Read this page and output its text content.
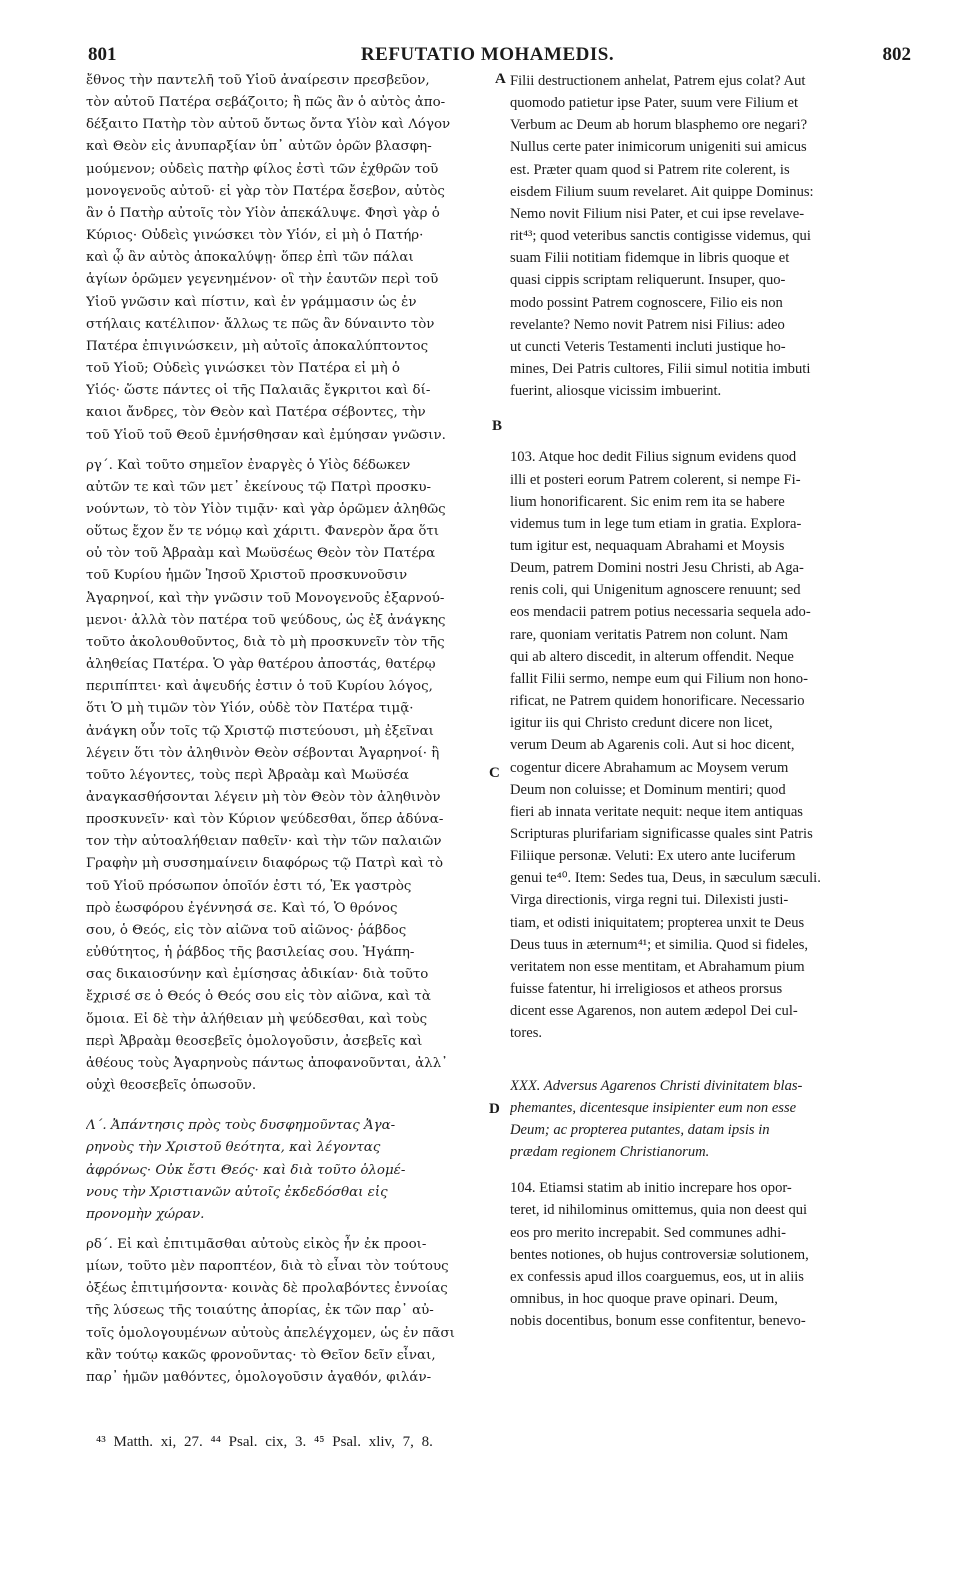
801	REFUTATIO MOHAMEDIS.	802
A
B
C
D
ἔθνος τὴν παντελῆ τοῦ Υἱοῦ ἀναίρεσιν πρεσβεῦον,
τὸν αὐτοῦ Πατέρα σεβάζοιτο; ἢ πῶς ἂν ὁ αὐτὸς ἀπο-
δέξαιτο Πατὴρ τὸν αὐτοῦ ὄντως ὄντα Υἱὸν καὶ Λόγον
καὶ Θεὸν εἰς ἀνυπαρξίαν ὑπ᾽ αὐτῶν ὁρῶν βλασφη-
μούμενον; οὐδεὶς πατὴρ φίλος ἐστὶ τῶν ἐχθρῶν τοῦ
μονογενοῦς αὐτοῦ· εἰ γὰρ τὸν Πατέρα ἔσεβον, αὐτὸς
ἂν ὁ Πατὴρ αὐτοῖς τὸν Υἱὸν ἀπεκάλυψε. Φησὶ γὰρ ὁ
Κύριος· Οὐδεὶς γινώσκει τὸν Υἱόν, εἰ μὴ ὁ Πατήρ·
καὶ ᾧ ἂν αὐτὸς ἀποκαλύψῃ· ὅπερ ἐπὶ τῶν πάλαι
ἁγίων ὁρῶμεν γεγενημένον· οἳ τὴν ἑαυτῶν περὶ τοῦ
Υἱοῦ γνῶσιν καὶ πίστιν, καὶ ἐν γράμμασιν ὡς ἐν
στήλαις κατέλιπον· ἄλλως τε πῶς ἂν δύναιντο τὸν
Πατέρα ἐπιγινώσκειν, μὴ αὐτοῖς ἀποκαλύπτοντος
τοῦ Υἱοῦ; Οὐδεὶς γινώσκει τὸν Πατέρα εἰ μὴ ὁ
Υἱός· ὥστε πάντες οἱ τῆς Παλαιᾶς ἔγκριτοι καὶ δί-
καιοι ἄνδρες, τὸν Θεὸν καὶ Πατέρα σέβοντες, τὴν
τοῦ Υἱοῦ τοῦ Θεοῦ ἐμνήσθησαν καὶ ἐμύησαν γνῶσιν.
ργ΄. Καὶ τοῦτο σημεῖον ἐναργὲς ὁ Υἱὸς δέδωκεν
αὐτῶν τε καὶ τῶν μετ᾽ ἐκείνους τῷ Πατρὶ προσκυ-
νούντων, τὸ τὸν Υἱὸν τιμᾷν· καὶ γὰρ ὁρῶμεν ἀληθῶς
οὕτως ἔχον ἔν τε νόμῳ καὶ χάριτι. Φανερὸν ἄρα ὅτι
οὐ τὸν τοῦ Ἀβραὰμ καὶ Μωϋσέως Θεὸν τὸν Πατέρα
τοῦ Κυρίου ἡμῶν Ἰησοῦ Χριστοῦ προσκυνοῦσιν
Ἀγαρηνοί, καὶ τὴν γνῶσιν τοῦ Μονογενοῦς ἐξαρνού-
μενοι· ἀλλὰ τὸν πατέρα τοῦ ψεύδους, ὡς ἐξ ἀνάγκης
τοῦτο ἀκολουθοῦντος, διὰ τὸ μὴ προσκυνεῖν τὸν τῆς
ἀληθείας Πατέρα. Ὁ γὰρ θατέρου ἀποστάς, θατέρῳ
περιπίπτει· καὶ ἀψευδής ἐστιν ὁ τοῦ Κυρίου λόγος,
ὅτι Ὁ μὴ τιμῶν τὸν Υἱόν, οὐδὲ τὸν Πατέρα τιμᾷ·
ἀνάγκη οὖν τοῖς τῷ Χριστῷ πιστεύουσι, μὴ ἐξεῖναι
λέγειν ὅτι τὸν ἀληθινὸν Θεὸν σέβονται Ἀγαρηνοί· ἢ
τοῦτο λέγοντες, τοὺς περὶ Ἀβραὰμ καὶ Μωϋσέα
ἀναγκασθήσονται λέγειν μὴ τὸν Θεὸν τὸν ἀληθινὸν
προσκυνεῖν· καὶ τὸν Κύριον ψεύδεσθαι, ὅπερ ἀδύνα-
τον τὴν αὐτοαλήθειαν παθεῖν· καὶ τὴν τῶν παλαιῶν
Γραφὴν μὴ συσσημαίνειν διαφόρως τῷ Πατρὶ καὶ τὸ
τοῦ Υἱοῦ πρόσωπον ὁποῖόν ἐστι τό, Ἐκ γαστρὸς
πρὸ ἑωσφόρου ἐγέννησά σε. Καὶ τό, Ὁ θρόνος
σου, ὁ Θεός, εἰς τὸν αἰῶνα τοῦ αἰῶνος· ῥάβδος
εὐθύτητος, ἡ ῥάβδος τῆς βασιλείας σου. Ἠγάπη-
σας δικαιοσύνην καὶ ἐμίσησας ἀδικίαν· διὰ τοῦτο
ἔχρισέ σε ὁ Θεός ὁ Θεός σου εἰς τὸν αἰῶνα, καὶ τὰ
ὅμοια. Εἰ δὲ τὴν ἀλήθειαν μὴ ψεύδεσθαι, καὶ τοὺς
περὶ Ἀβραὰμ θεοσεβεῖς ὁμολογοῦσιν, ἀσεβεῖς καὶ
ἀθέους τοὺς Ἀγαρηνοὺς πάντως ἀποφανοῦνται, ἀλλ᾽
οὐχὶ θεοσεβεῖς ὁπωσοῦν.
Λ΄. Ἀπάντησις πρὸς τοὺς δυσφημοῦντας Ἀγα-
ρηνοὺς τὴν Χριστοῦ θεότητα, καὶ λέγοντας
ἀφρόνως· Οὐκ ἔστι Θεός· καὶ διὰ τοῦτο ὁλομέ-
νους τὴν Χριστιανῶν αὐτοῖς ἐκδεδόσθαι εἰς
προνομὴν χώραν.
ρδ΄. Εἰ καὶ ἐπιτιμᾶσθαι αὐτοὺς εἰκὸς ἦν ἐκ προοι-
μίων, τοῦτο μὲν παροπτέον, διὰ τὸ εἶναι τὸν τούτους
ὀξέως ἐπιτιμήσοντα· κοινὰς δὲ προλαβόντες ἐννοίας
τῆς λύσεως τῆς τοιαύτης ἀπορίας, ἐκ τῶν παρ᾽ αὐ-
τοῖς ὁμολογουμένων αὐτοὺς ἀπελέγχομεν, ὡς ἐν πᾶσι
κἂν τούτῳ κακῶς φρονοῦντας· τὸ Θεῖον δεῖν εἶναι,
παρ᾽ ἡμῶν μαθόντες, ὁμολογοῦσιν ἀγαθόν, φιλάν-
Filii destructionem anhelat, Patrem ejus colat? Aut
quomodo patietur ipse Pater, suum vere Filium et
Verbum ac Deum ab horum blasphemo ore negari?
Nullus certe pater inimicorum unigeniti sui amicus
est. Præter quam quod si Patrem rite colerent, is
eisdem Filium suum revelaret. Ait quippe Dominus:
Nemo novit Filium nisi Pater, et cui ipse revelave-
rit⁴³; quod veteribus sanctis contigisse videmus, qui
suam Filii notitiam fidemque in libris quoque et
quasi cippis scriptam reliquerunt. Insuper, quo-
modo possint Patrem cognoscere, Filio eis non
revelante? Nemo novit Patrem nisi Filius: adeo
ut cuncti Veteris Testamenti incluti justique ho-
mines, Dei Patris cultores, Filii simul notitia imbuti
fuerint, aliosque vicissim imbuerint.
103. Atque hoc dedit Filius signum evidens quod
illi et posteri eorum Patrem colerent, si nempe Fi-
lium honorificarent. Sic enim rem ita se habere
videmus tum in lege tum etiam in gratia. Explora-
tum igitur est, nequaquam Abrahami et Moysis
Deum, patrem Domini nostri Jesu Christi, ab Aga-
renis coli, qui Unigenitum agnoscere renuunt; sed
eos mendacii patrem potius necessaria sequela ado-
rare, quoniam veritatis Patrem non colunt. Nam
qui ab altero discedit, in alterum offendit. Neque
fallit Filii sermo, nempe eum qui Filium non hono-
rificat, ne Patrem quidem honorificare. Necessario
igitur iis qui Christo credunt dicere non licet,
verum Deum ab Agarenis coli. Aut si hoc dicent,
cogentur dicere Abrahamum ac Moysem verum
Deum non coluisse; et Dominum mentiri; quod
fieri ab innata veritate nequit: neque item antiquas
Scripturas plurifariam significasse quales sint Patris
Filiique personæ. Veluti: Ex utero ante luciferum
genui te⁴⁰. Item: Sedes tua, Deus, in sæculum sæculi.
Virga directionis, virga regni tui. Dilexisti justi-
tiam, et odisti iniquitatem; propterea unxit te Deus
Deus tuus in æternum⁴¹; et similia. Quod si fideles,
veritatem non esse mentitam, et Abrahamum pium
fuisse fatentur, hi irreligiosos et atheos prorsus
dicent esse Agarenos, non autem ædepol Dei cul-
tores.
XXX. Adversus Agarenos Christi divinitatem blas-
phemantes, dicentesque insipienter eum non esse
Deum; ac propterea putantes, datam ipsis in
prædam regionem Christianorum.
104. Etiamsi statim ab initio increpare hos opor-
teret, id nihilominus omittemus, quia non deest qui
eos pro merito increpabit. Sed communes adhi-
bentes notiones, ob hujus controversiæ solutionem,
ex confessis apud illos coarguemus, eos, ut in aliis
omnibus, in hoc quoque prave opinari. Deum,
nobis docentibus, bonum esse confitentur, benevo-
⁴³ Matth. xi, 27. ⁴⁴ Psal. cix, 3. ⁴⁵ Psal. xliv, 7, 8.
